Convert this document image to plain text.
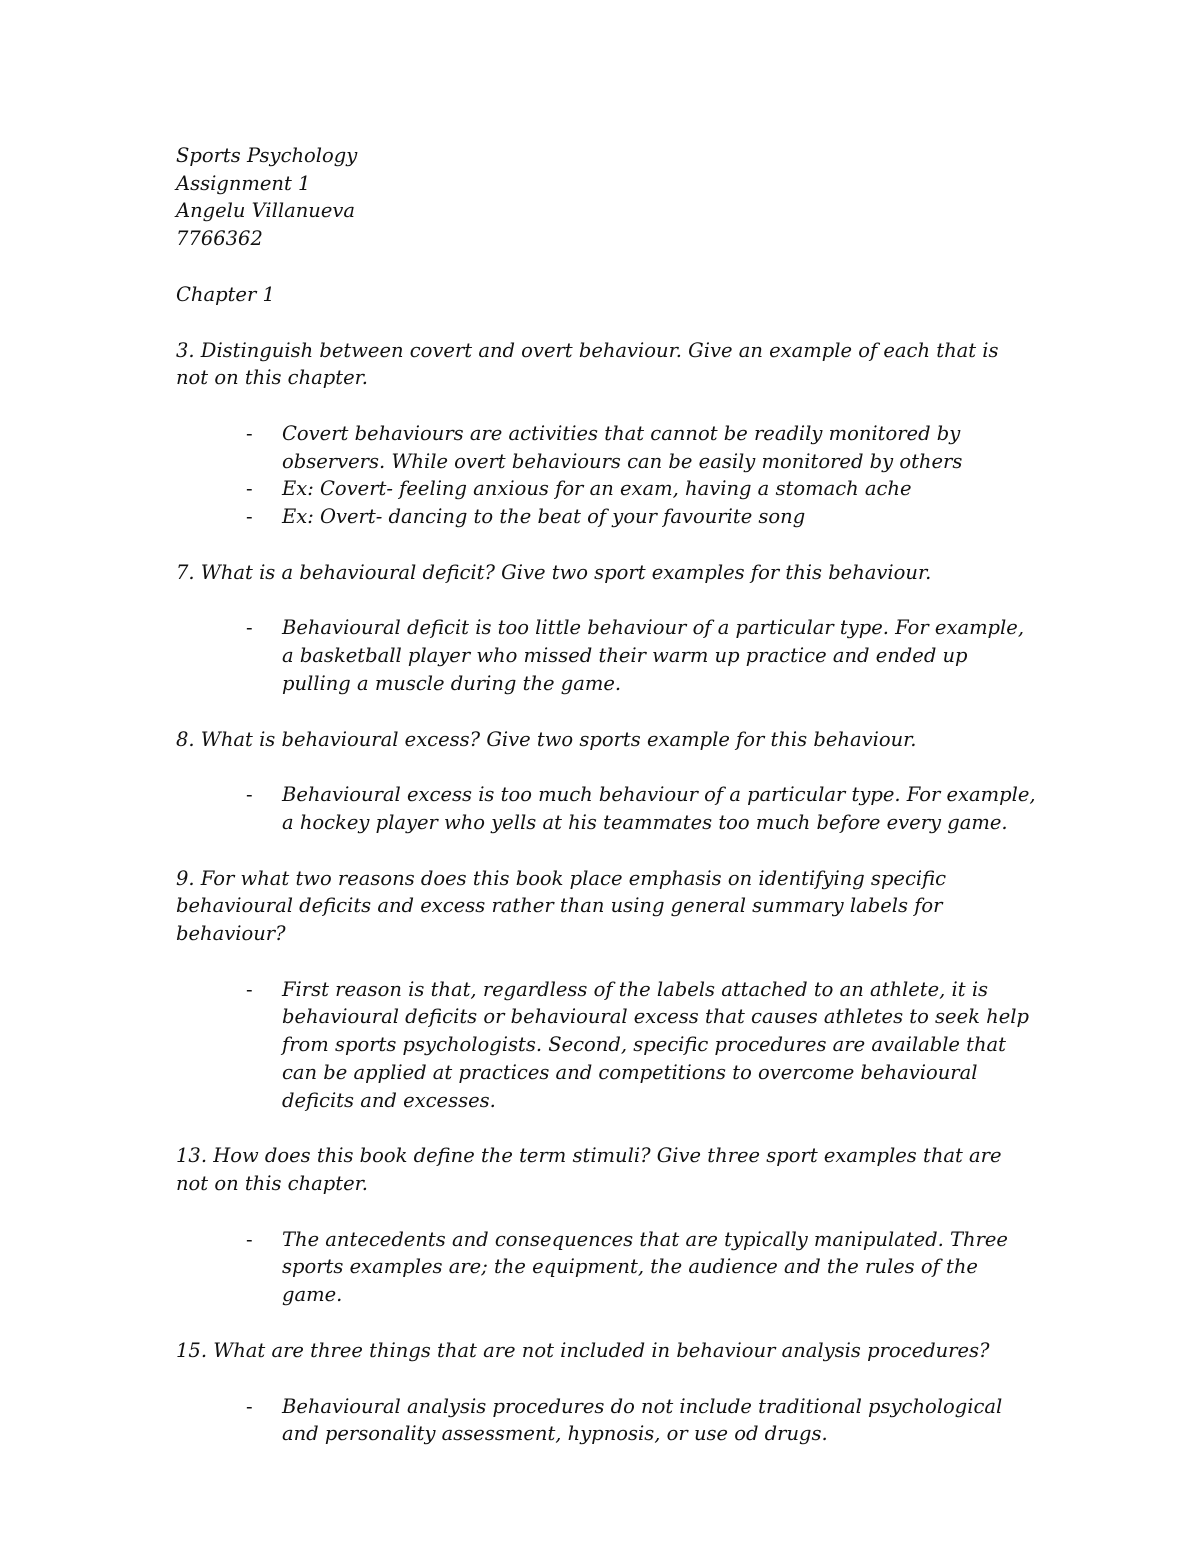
Sports Psychology
Assignment 1
Angelu Villanueva
7766362
Chapter 1
3. Distinguish between covert and overt behaviour. Give an example of each that is not on this chapter.
- Covert behaviours are activities that cannot be readily monitored by observers. While overt behaviours can be easily monitored by others
- Ex: Covert- feeling anxious for an exam, having a stomach ache
- Ex: Overt- dancing to the beat of your favourite song
7. What is a behavioural deficit? Give two sport examples for this behaviour.
- Behavioural deficit is too little behaviour of a particular type. For example, a basketball player who missed their warm up practice and ended up pulling a muscle during the game.
8. What is behavioural excess? Give two sports example for this behaviour.
- Behavioural excess is too much behaviour of a particular type. For example, a hockey player who yells at his teammates too much before every game.
9. For what two reasons does this book place emphasis on identifying specific behavioural deficits and excess rather than using general summary labels for behaviour?
- First reason is that, regardless of the labels attached to an athlete, it is behavioural deficits or behavioural excess that causes athletes to seek help from sports psychologists. Second, specific procedures are available that can be applied at practices and competitions to overcome behavioural deficits and excesses.
13. How does this book define the term stimuli? Give three sport examples that are not on this chapter.
- The antecedents and consequences that are typically manipulated. Three sports examples are; the equipment, the audience and the rules of the game.
15. What are three things that are not included in behaviour analysis procedures?
- Behavioural analysis procedures do not include traditional psychological and personality assessment, hypnosis, or use od drugs.
